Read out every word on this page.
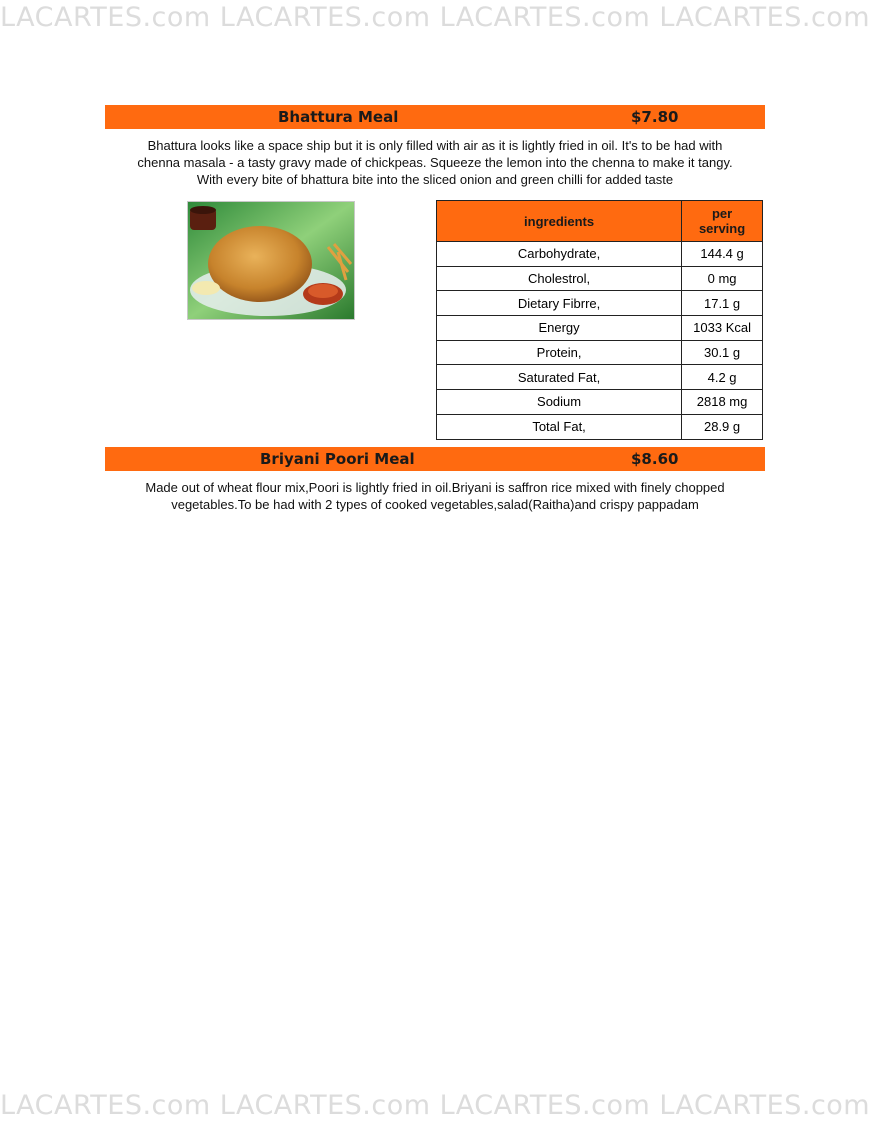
LACARTES.com LACARTES.com LACARTES.com LACARTES.com
Bhattura Meal	$7.80
Bhattura looks like a space ship but it is only filled with air as it is lightly fried in oil. It's to be had with
chenna masala - a tasty gravy made of chickpeas. Squeeze the lemon into the chenna to make it tangy.
With every bite of bhattura bite into the sliced onion and green chilli for added taste
ingredients	per serving
Carbohydrate,	144.4 g
Cholestrol,	0 mg
Dietary Fibrre,	17.1 g
Energy	1033 Kcal
Protein,	30.1 g
Saturated Fat,	4.2 g
Sodium	2818 mg
Total Fat,	28.9 g
Briyani Poori Meal	$8.60
Made out of wheat flour mix,Poori is lightly fried in oil.Briyani is saffron rice mixed with finely chopped
vegetables.To be had with 2 types of cooked vegetables,salad(Raitha)and crispy pappadam
LACARTES.com LACARTES.com LACARTES.com LACARTES.com
